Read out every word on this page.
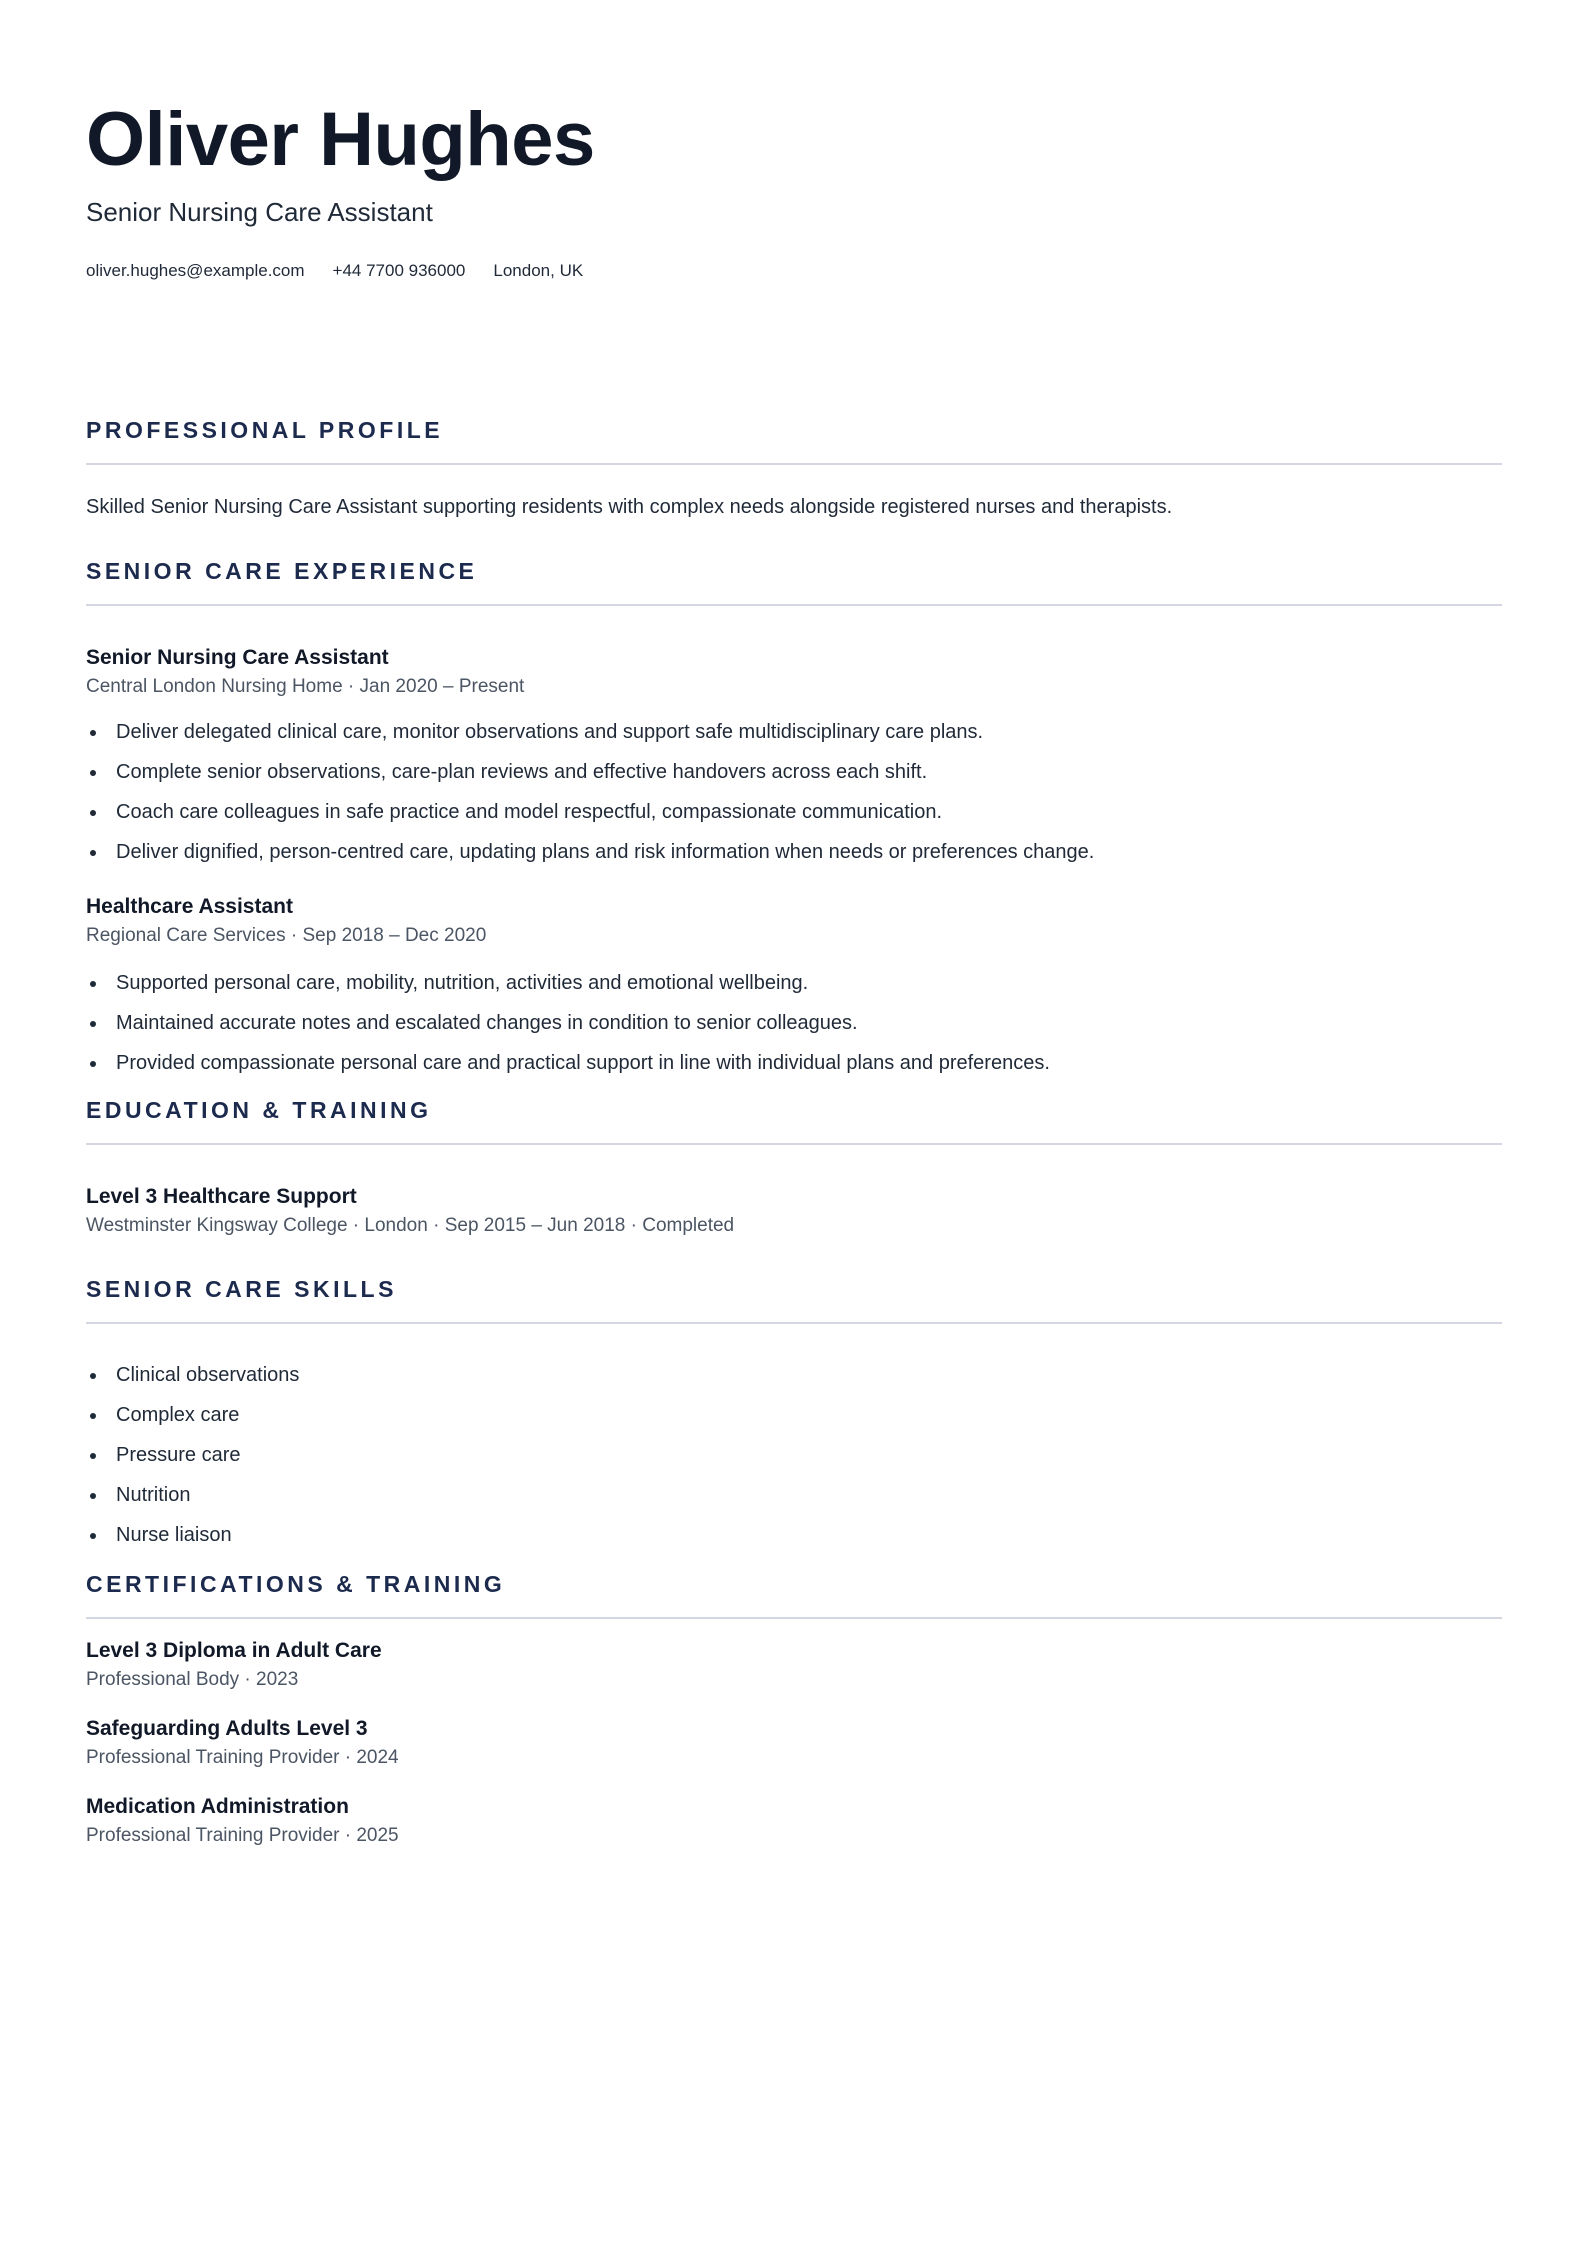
Oliver Hughes

Senior Nursing Care Assistant

oliver.hughes@example.com +44 7700 936000 London, UK
PROFESSIONAL PROFILE

Skilled Senior Nursing Care Assistant supporting residents with complex needs alongside registered nurses and therapists.

SENIOR CARE EXPERIENCE
Senior Nursing Care Assistant

Central London Nursing Home · Jan 2020 – Present

Deliver delegated clinical care, monitor observations and support safe multidisciplinary care plans.
Complete senior observations, care-plan reviews and effective handovers across each shift.
Coach care colleagues in safe practice and model respectful, compassionate communication.
Deliver dignified, person-centred care, updating plans and risk information when needs or preferences change.
Healthcare Assistant

Regional Care Services · Sep 2018 – Dec 2020

Supported personal care, mobility, nutrition, activities and emotional wellbeing.
Maintained accurate notes and escalated changes in condition to senior colleagues.
Provided compassionate personal care and practical support in line with individual plans and preferences.
EDUCATION & TRAINING
Level 3 Healthcare Support

Westminster Kingsway College · London · Sep 2015 – Jun 2018 · Completed

SENIOR CARE SKILLS
Clinical observations
Complex care
Pressure care
Nutrition
Nurse liaison
CERTIFICATIONS & TRAINING
Level 3 Diploma in Adult Care

Professional Body · 2023

Safeguarding Adults Level 3

Professional Training Provider · 2024

Medication Administration

Professional Training Provider · 2025
